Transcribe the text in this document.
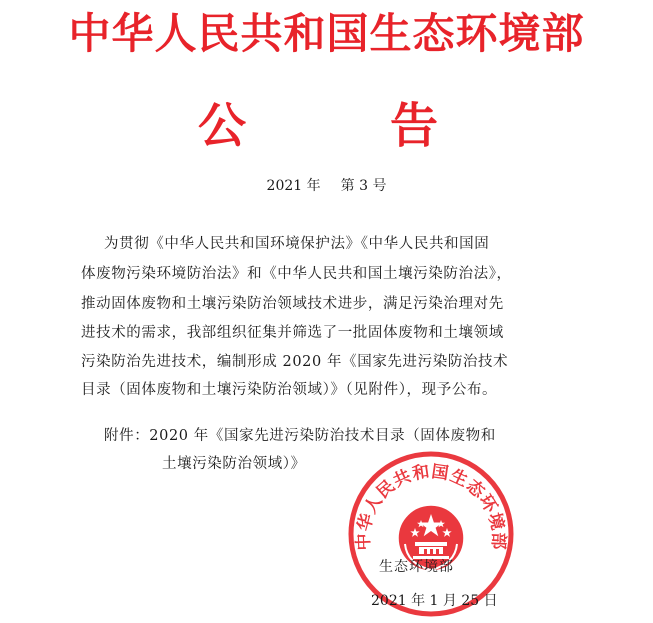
中华人民共和国生态环境部
公	告
2021 年 第 3 号
为贯彻《中华人民共和国环境保护法》《中华人民共和国固
体废物污染环境防治法》和《中华人民共和国土壤污染防治法》，
推动固体废物和土壤污染防治领域技术进步，满足污染治理对先
进技术的需求，我部组织征集并筛选了一批固体废物和土壤领域
污染防治先进技术，编制形成 2020 年《国家先进污染防治技术
目录（固体废物和土壤污染防治领域）》（见附件），现予公布。
附件：2020 年《国家先进污染防治技术目录（固体废物和
土壤污染防治领域）》
中华人民共和国生态环境部
生态环境部
2021 年 1 月 25 日
